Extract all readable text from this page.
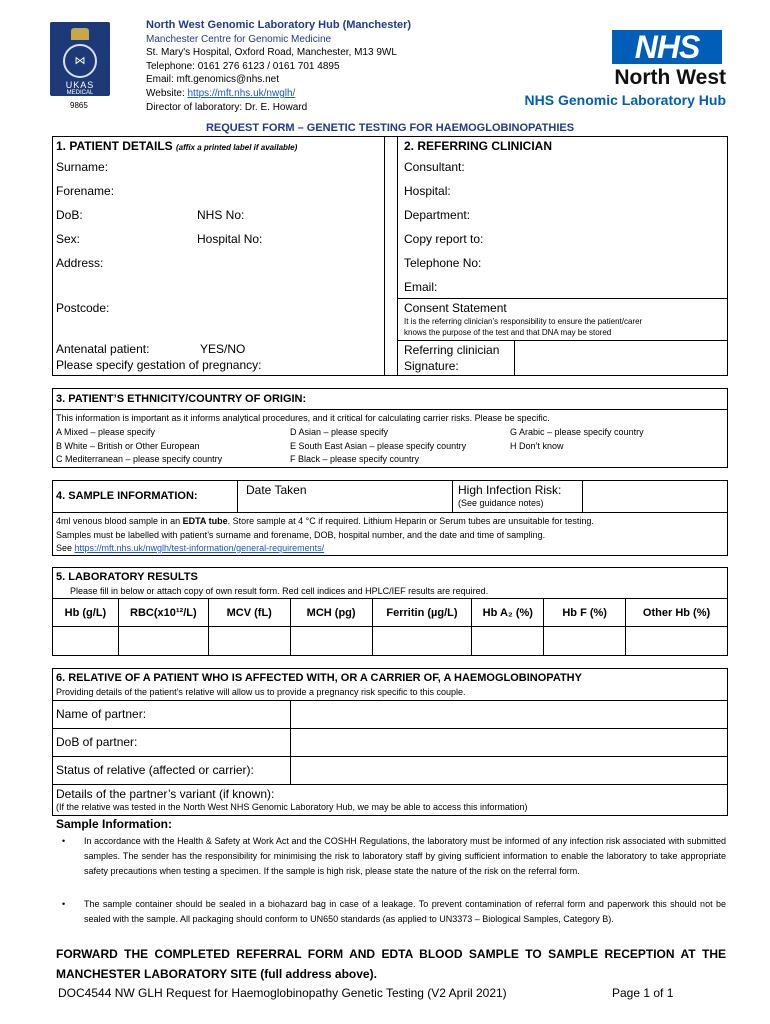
⋈
UKAS
MEDICAL
9865
North West Genomic Laboratory Hub (Manchester)
Manchester Centre for Genomic Medicine
St. Mary's Hospital, Oxford Road, Manchester, M13 9WL
Telephone: 0161 276 6123 / 0161 701 4895
Email: mft.genomics@nhs.net
Website: https://mft.nhs.uk/nwglh/
Director of laboratory: Dr. E. Howard
NHS
North West
NHS Genomic Laboratory Hub
REQUEST FORM – GENETIC TESTING FOR HAEMOGLOBINOPATHIES
1. PATIENT DETAILS (affix a printed label if available)
Surname:
Forename:
DoB:	NHS No:
Sex:	Hospital No:
Address:
Postcode:
Antenatal patient:	YES/NO
Please specify gestation of pregnancy:
2. REFERRING CLINICIAN
Consultant:
Hospital:
Department:
Copy report to:
Telephone No:
Email:
Consent Statement
It is the referring clinician’s responsibility to ensure the patient/carer
knows the purpose of the test and that DNA may be stored
Referring clinician
Signature:
3. PATIENT’S ETHNICITY/COUNTRY OF ORIGIN:
This information is important as it informs analytical procedures, and it critical for calculating carrier risks. Please be specific.
A Mixed – please specify
B White – British or Other European
C Mediterranean – please specify country
D Asian – please specify
E South East Asian – please specify country
F Black – please specify country
G Arabic – please specify country
H Don’t know
4. SAMPLE INFORMATION:	Date Taken	High Infection Risk:
(See guidance notes)
4ml venous blood sample in an EDTA tube. Store sample at 4 °C if required. Lithium Heparin or Serum tubes are unsuitable for testing.
Samples must be labelled with patient’s surname and forename, DOB, hospital number, and the date and time of sampling.
See https://mft.nhs.uk/nwglh/test-information/general-requirements/
5. LABORATORY RESULTS
Please fill in below or attach copy of own result form. Red cell indices and HPLC/IEF results are required.
Hb (g/L)	RBC(x10¹²/L)	MCV (fL)	MCH (pg)	Ferritin (µg/L)	Hb A₂ (%)	Hb F (%)	Other Hb (%)

6. RELATIVE OF A PATIENT WHO IS AFFECTED WITH, OR A CARRIER OF, A HAEMOGLOBINOPATHY
Providing details of the patient’s relative will allow us to provide a pregnancy risk specific to this couple.
Name of partner:
DoB of partner:
Status of relative (affected or carrier):
Details of the partner’s variant (if known):
(If the relative was tested in the North West NHS Genomic Laboratory Hub, we may be able to access this information)
Sample Information:
• In accordance with the Health & Safety at Work Act and the COSHH Regulations, the laboratory must be informed of any infection risk associated with submitted samples. The sender has the responsibility for minimising the risk to laboratory staff by giving sufficient information to enable the laboratory to take appropriate safety precautions when testing a specimen. If the sample is high risk, please state the nature of the risk on the referral form.
• The sample container should be sealed in a biohazard bag in case of a leakage. To prevent contamination of referral form and paperwork this should not be sealed with the sample. All packaging should conform to UN650 standards (as applied to UN3373 – Biological Samples, Category B).
FORWARD THE COMPLETED REFERRAL FORM AND EDTA BLOOD SAMPLE TO SAMPLE RECEPTION AT THE MANCHESTER LABORATORY SITE (full address above).
DOC4544 NW GLH Request for Haemoglobinopathy Genetic Testing (V2 April 2021)	Page 1 of 1
